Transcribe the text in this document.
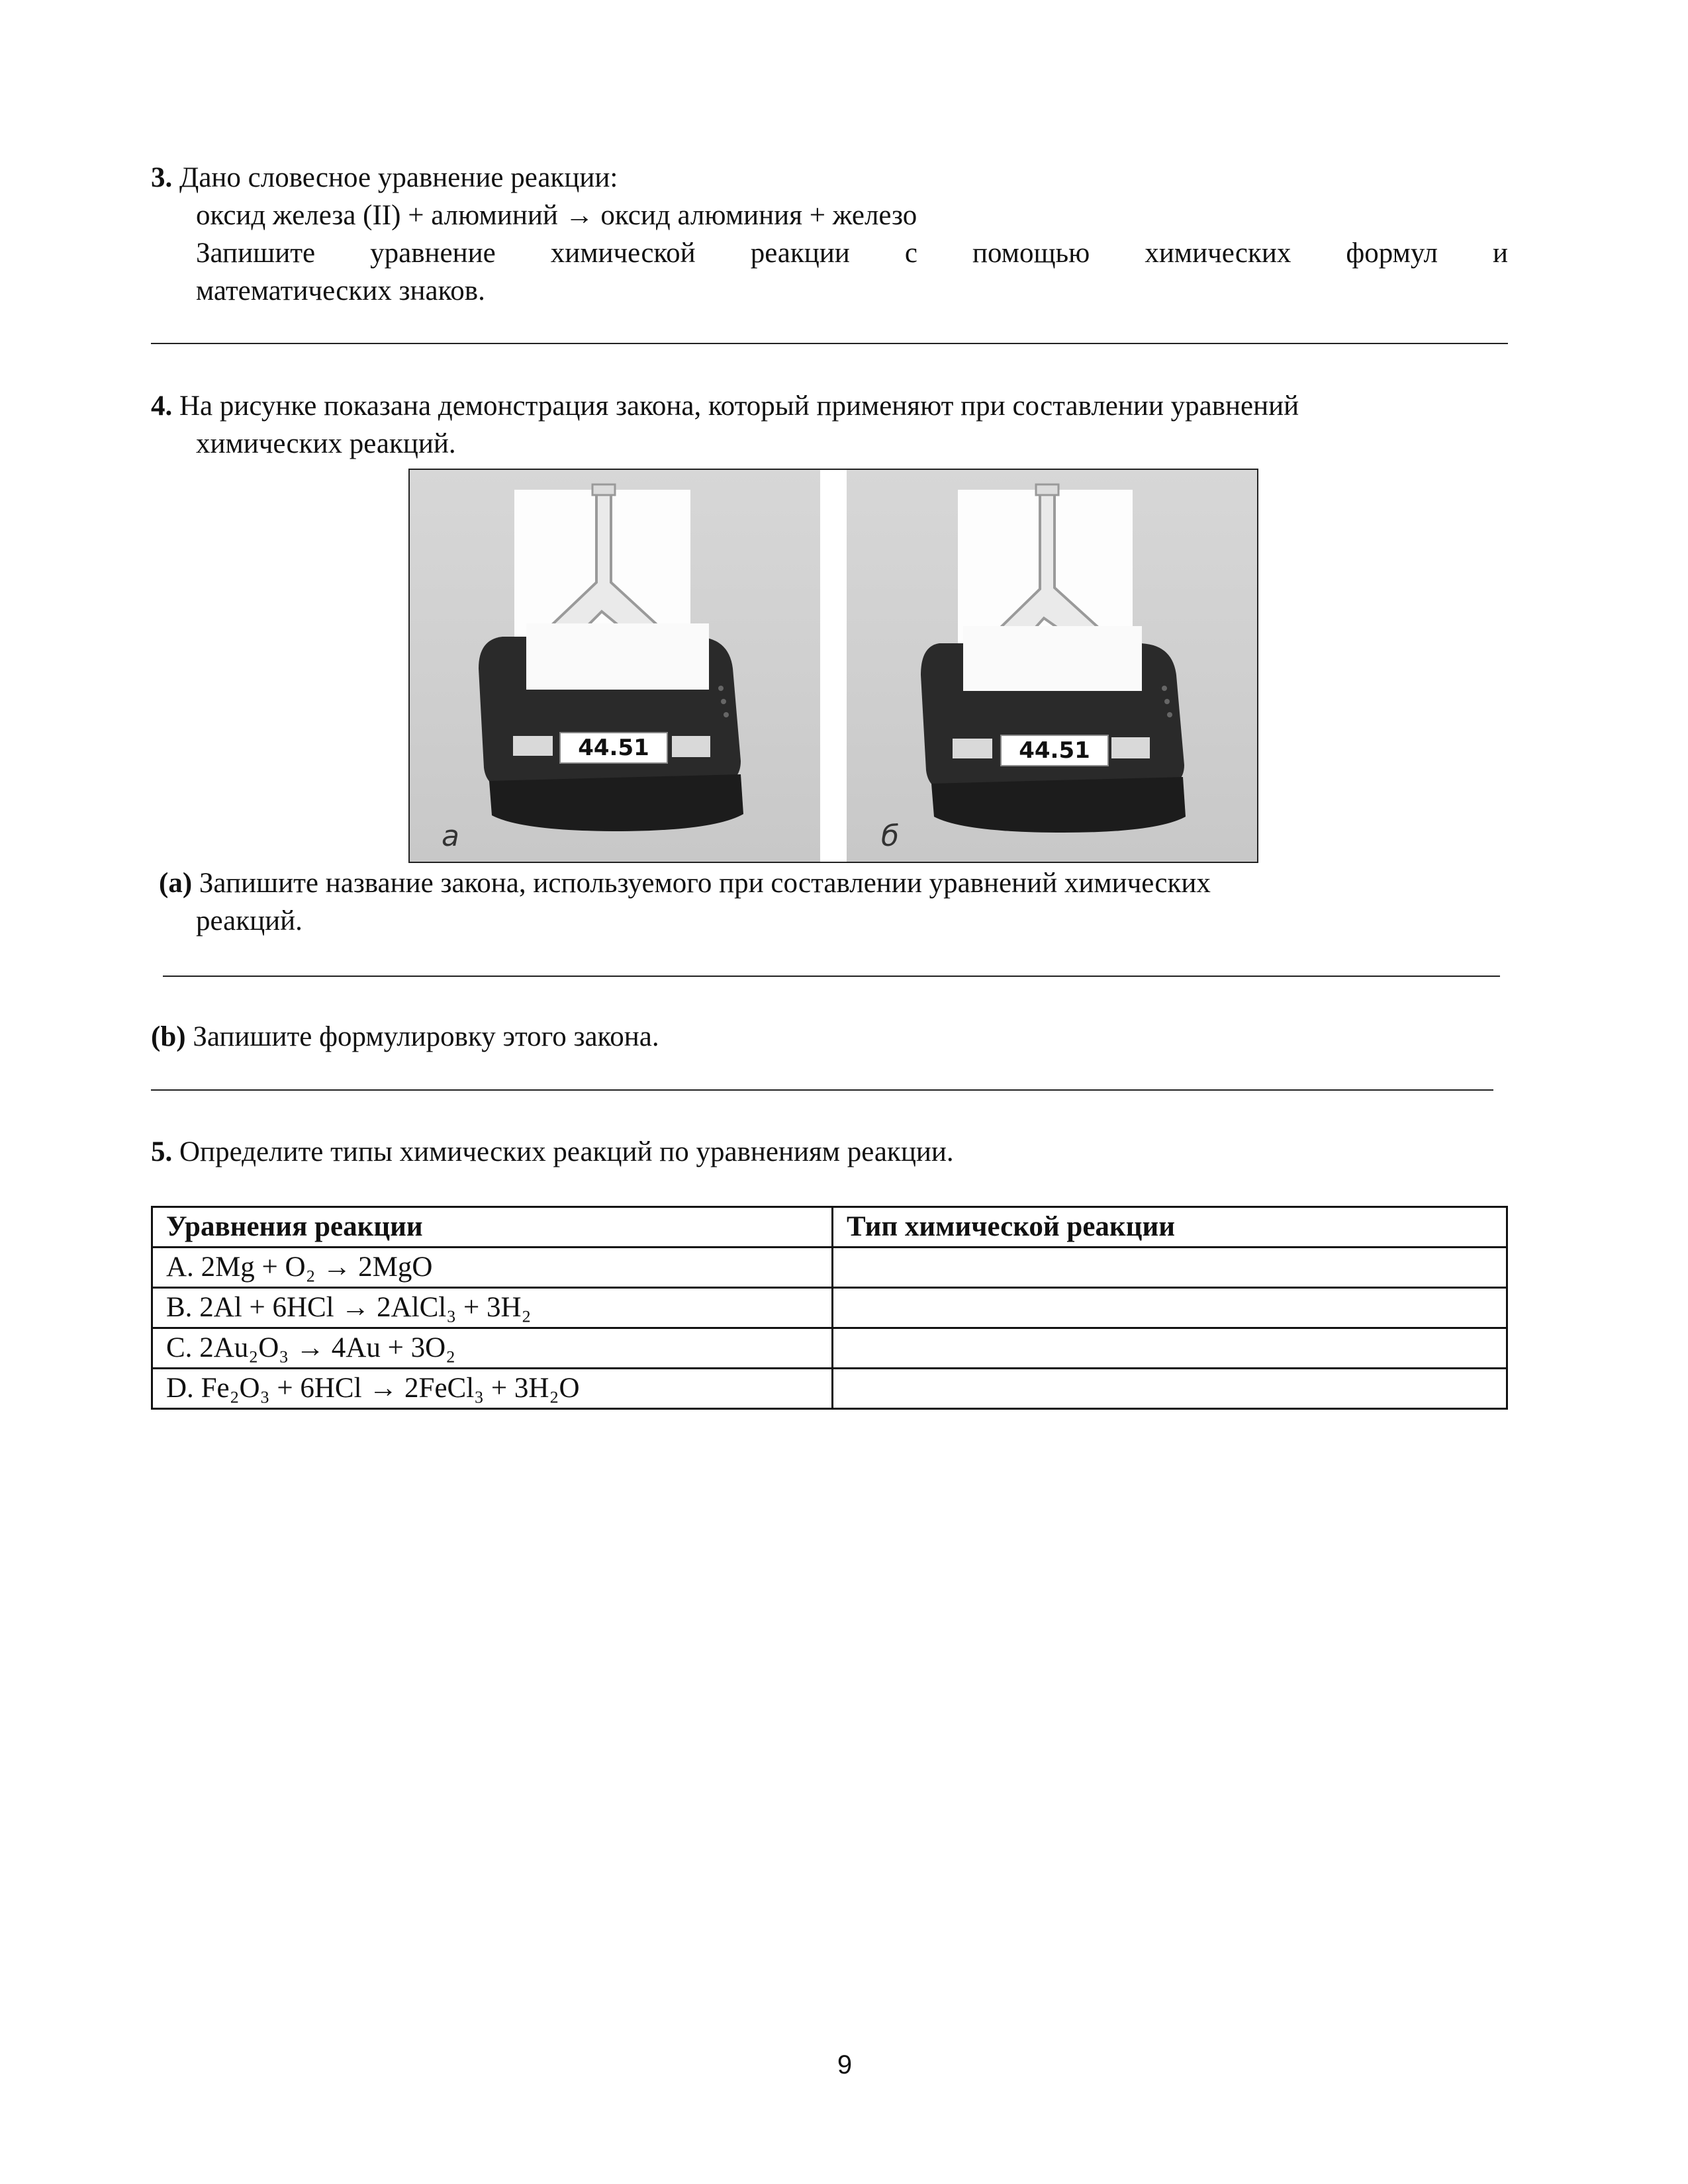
3. Дано словесное уравнение реакции:
оксид железа (II) + алюминий → оксид алюминия + железо
Запишите уравнение химической реакции с помощью химических формул и
математических знаков.
4. На рисунке показана демонстрация закона, который применяют при составлении уравнений
химических реакций.
44.51
а
44.51
б
(a) Запишите название закона, используемого при составлении уравнений химических
реакций.
(b) Запишите формулировку этого закона.
5. Определите типы химических реакций по уравнениям реакции.
Уравнения реакции	Тип химической реакции
A. 2Mg + O₂ → 2MgO	
B. 2Al + 6HCl → 2AlCl₃ + 3H₂	
C. 2Au₂O₃ → 4Au + 3O₂	
D. Fe₂O₃ + 6HCl → 2FeCl₃ + 3H₂O	
9
